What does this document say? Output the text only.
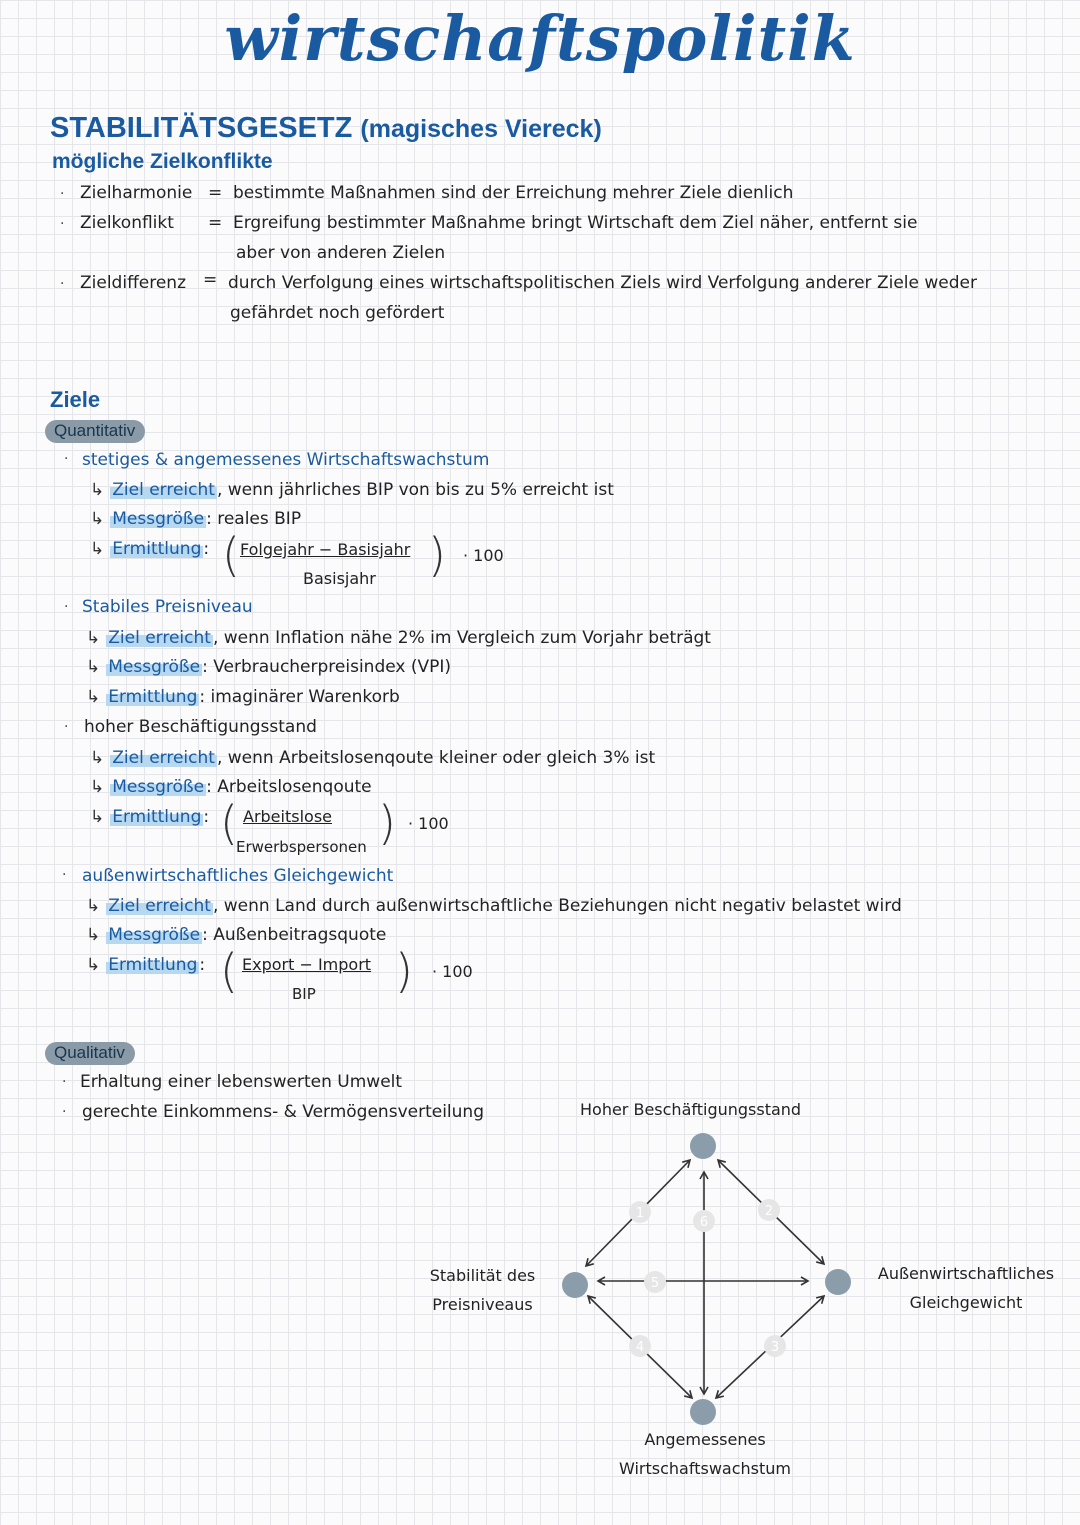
wirtschaftspolitik
STABILITÄTSGESETZ (magisches Viereck)
mögliche Zielkonflikte
· Zielharmonie = bestimmte Maßnahmen sind der Erreichung mehrer Ziele dienlich
· Zielkonflikt = Ergreifung bestimmter Maßnahme bringt Wirtschaft dem Ziel näher, entfernt sie
aber von anderen Zielen
· Zieldifferenz = durch Verfolgung eines wirtschaftspolitischen Ziels wird Verfolgung anderer Ziele weder
gefährdet noch gefördert
Ziele
Quantitativ
· stetiges & angemessenes Wirtschaftswachstum
↳ Ziel erreicht , wenn jährliches BIP von bis zu 5% erreicht ist
↳ Messgröße : reales BIP
↳ Ermittlung : ( Folgejahr − Basisjahr
Basisjahr ) · 100
· Stabiles Preisniveau
↳ Ziel erreicht , wenn Inflation nähe 2% im Vergleich zum Vorjahr beträgt
↳ Messgröße : Verbraucherpreisindex (VPI)
↳ Ermittlung : imaginärer Warenkorb
· hoher Beschäftigungsstand
↳ Ziel erreicht , wenn Arbeitslosenqoute kleiner oder gleich 3% ist
↳ Messgröße : Arbeitslosenqoute
↳ Ermittlung : ( Arbeitslose
Erwerbspersonen ) · 100
· außenwirtschaftliches Gleichgewicht
↳ Ziel erreicht , wenn Land durch außenwirtschaftliche Beziehungen nicht negativ belastet wird
↳ Messgröße : Außenbeitragsquote
↳ Ermittlung : ( Export − Import
BIP ) · 100
Qualitativ
· Erhaltung einer lebenswerten Umwelt
· gerechte Einkommens- & Vermögensverteilung	Hoher Beschäftigungsstand
Stabilität des
Preisniveaus
Außenwirtschaftliches
Gleichgewicht
Angemessenes
Wirtschaftswachstum
1	2
3
4
5
6
